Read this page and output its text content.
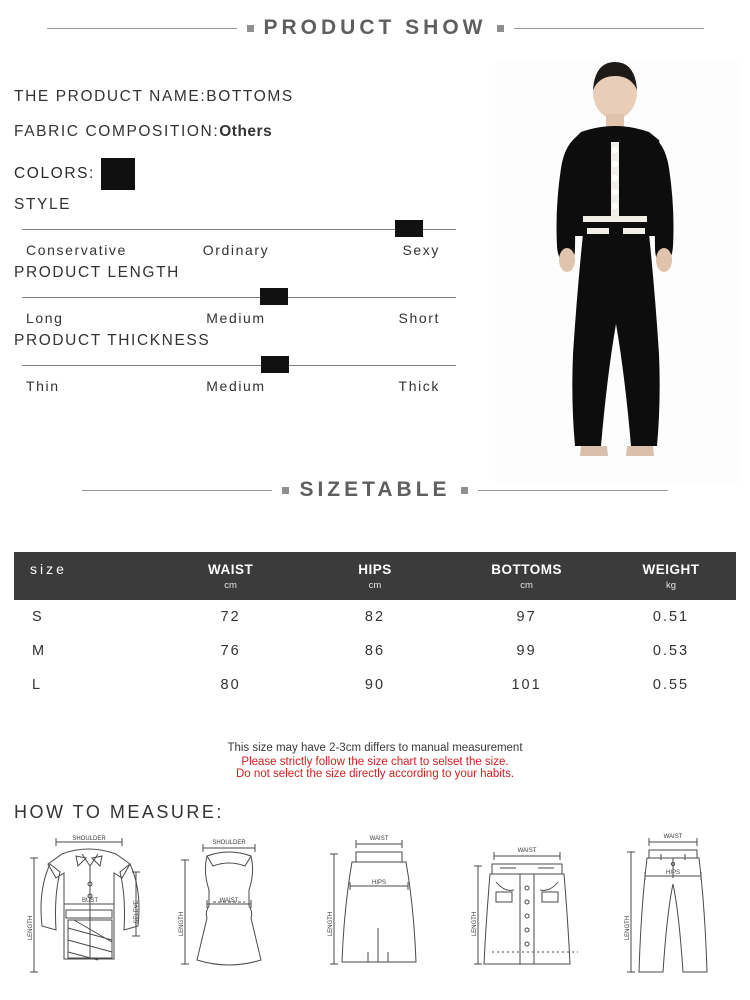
PRODUCT SHOW
THE PRODUCT NAME:BOTTOMS
FABRIC COMPOSITION:Others
COLORS:
STYLE
Conservative	Ordinary	Sexy
PRODUCT LENGTH
Long	Medium	Short
PRODUCT THICKNESS
Thin	Medium	Thick
SIZETABLE
size	WAIST	HIPS	BOTTOMS	WEIGHT
	cm	cm	cm	kg
S	72	82	97	0.51
M	76	86	99	0.53
L	80	90	101	0.55
This size may have 2-3cm differs to manual measurement
Please strictly follow the size chart to selset the size.
Do not select the size directly according to your habits.
HOW TO MEASURE:
SHOULDER
BUST
LENGTH
SELEVE
SHOULDER
WAIST
LENGTH
WAIST
HIPS
LENGTH
WAIST
LENGTH
WAIST
HIPS
LENGTH
